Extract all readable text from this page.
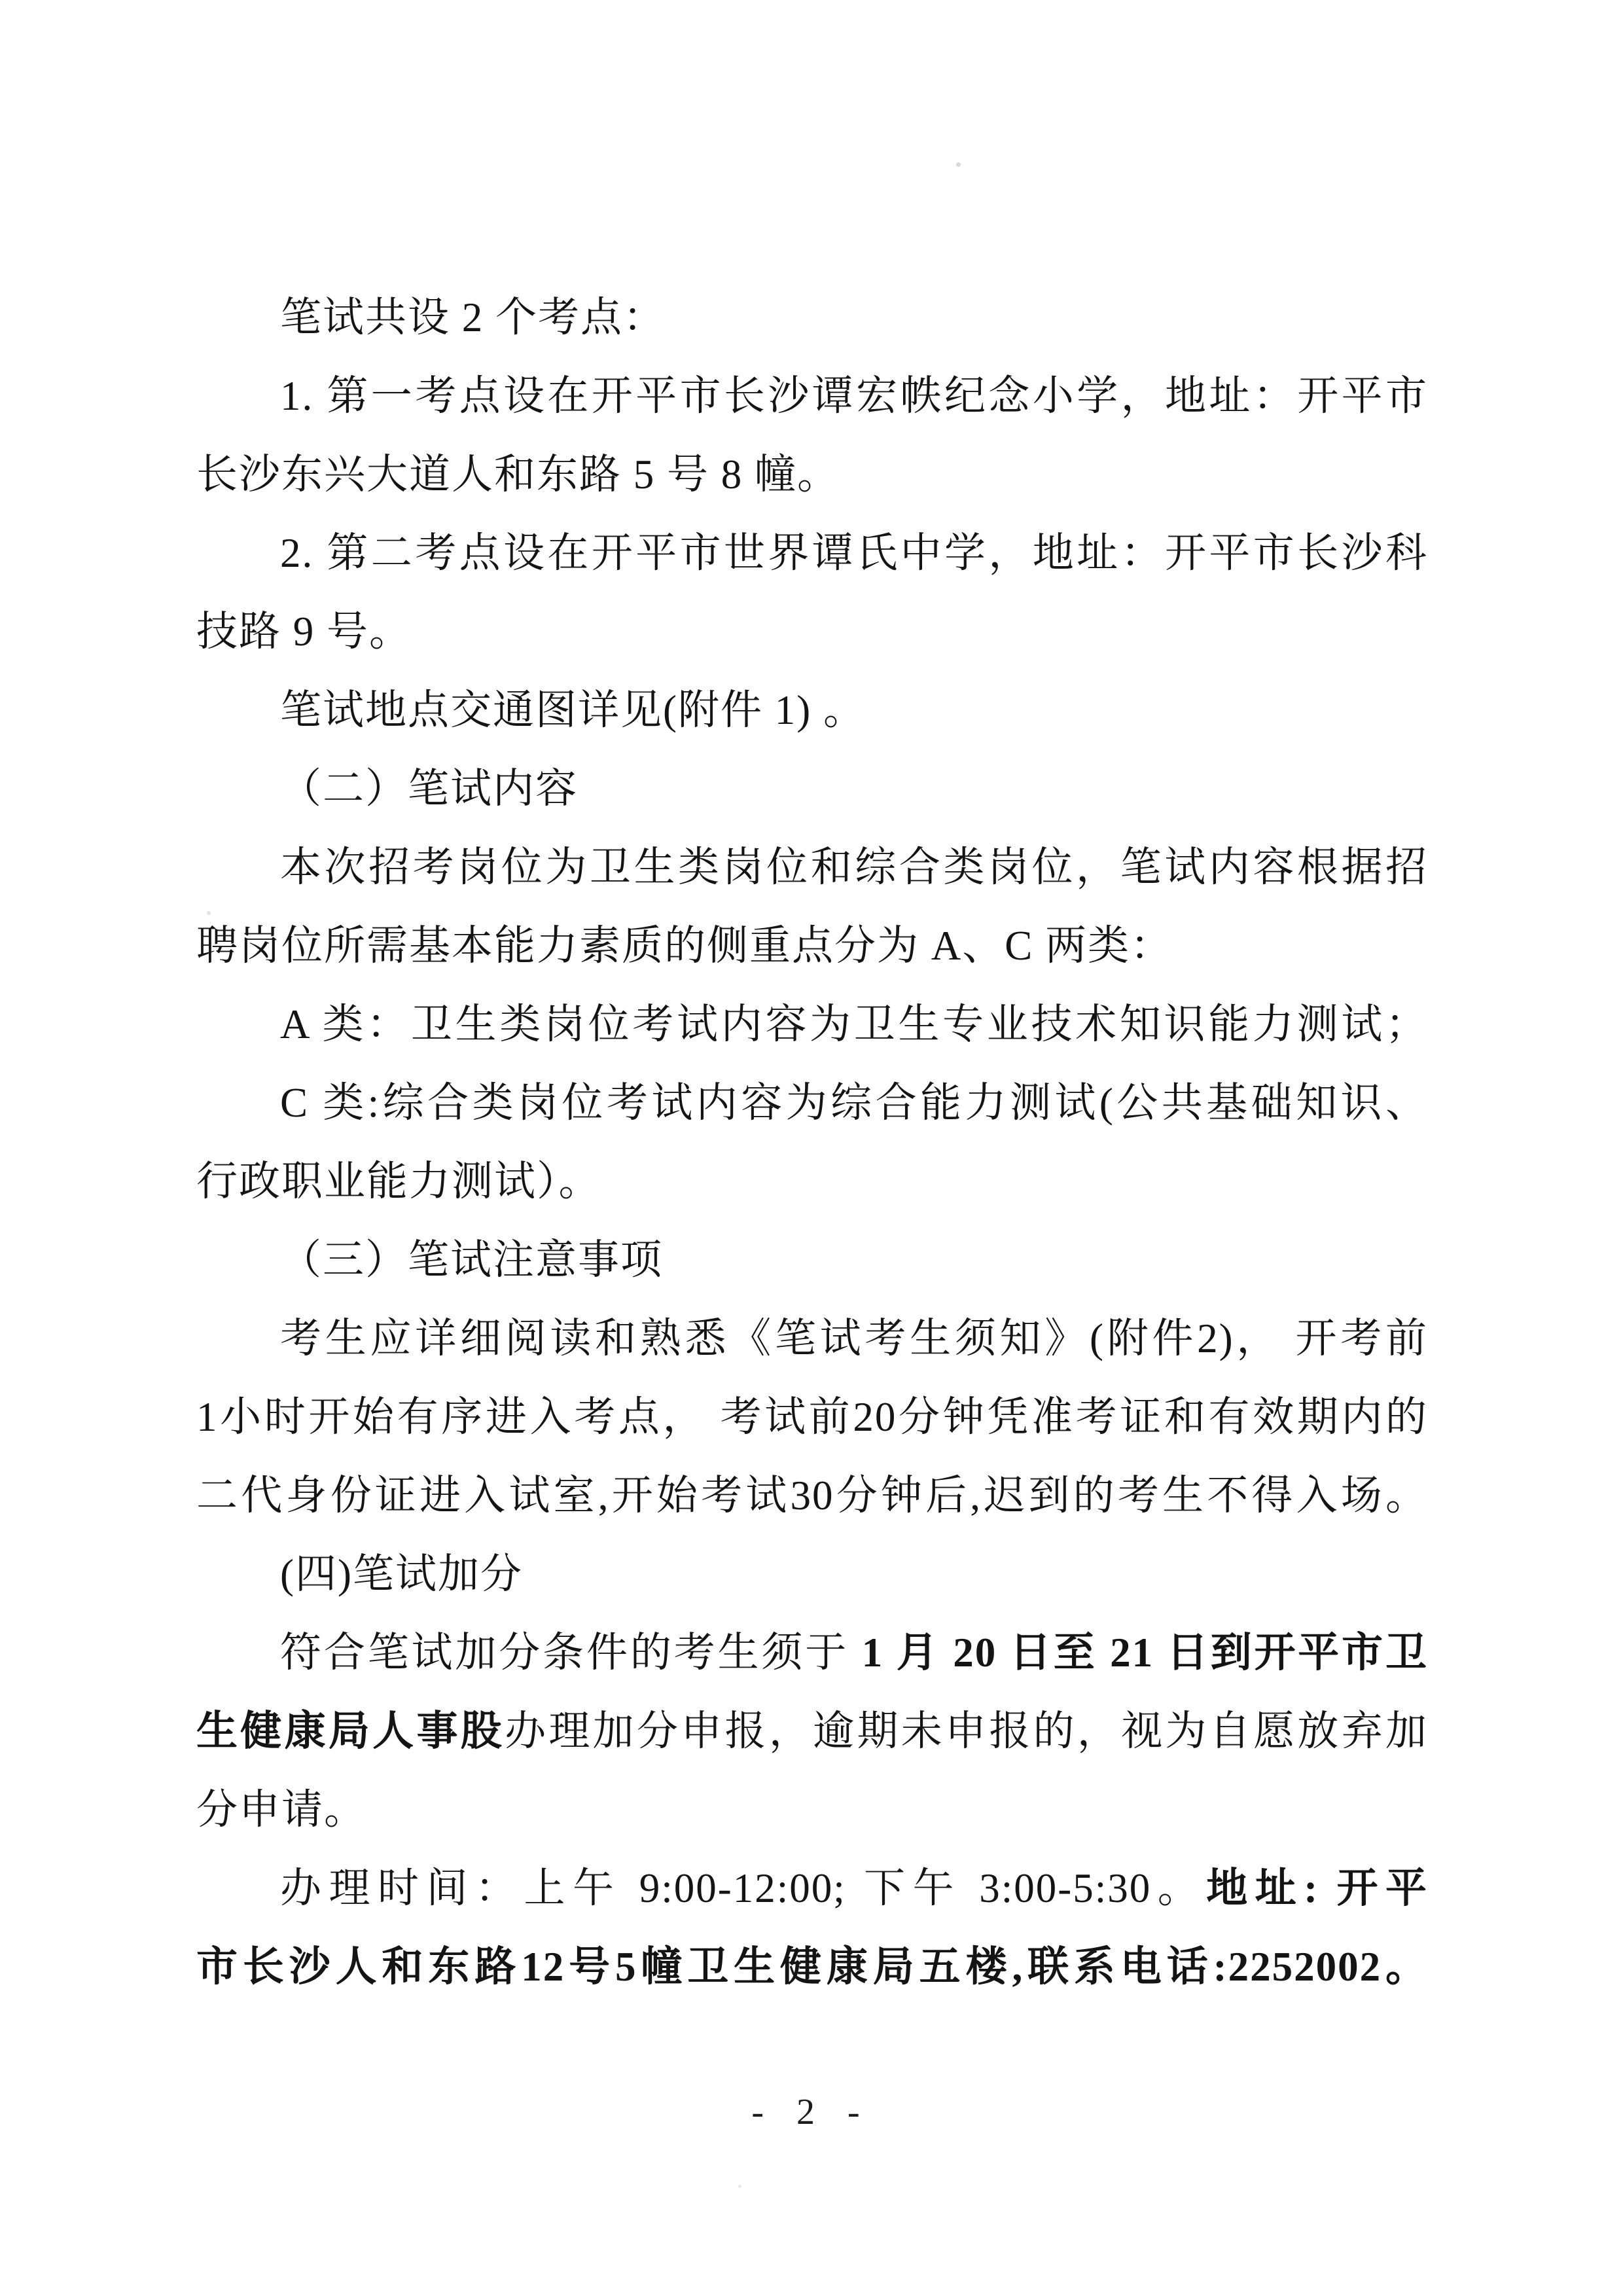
笔试共设 2 个考点：

1. 第一考点设在开平市长沙谭宏帙纪念小学，地址：开平市

长沙东兴大道人和东路 5 号 8 幢。

2. 第二考点设在开平市世界谭氏中学，地址：开平市长沙科

技路 9 号。

笔试地点交通图详见(附件 1) 。

（二）笔试内容

本次招考岗位为卫生类岗位和综合类岗位，笔试内容根据招

聘岗位所需基本能力素质的侧重点分为 A、C 两类：

A 类：卫生类岗位考试内容为卫生专业技术知识能力测试；

C 类:综合类岗位考试内容为综合能力测试(公共基础知识、

行政职业能力测试）。

（三）笔试注意事项

考生应详细阅读和熟悉《笔试考生须知》(附件2)， 开考前

1小时开始有序进入考点， 考试前20分钟凭准考证和有效期内的

二代身份证进入试室,开始考试30分钟后,迟到的考生不得入场。

(四)笔试加分

符合笔试加分条件的考生须于 1 月 20 日至 21 日到开平市卫

生健康局人事股办理加分申报，逾期未申报的，视为自愿放弃加

分申请。

办理时间：上午 9:00-12:00; 下午 3:00-5:30。地址: 开平

市长沙人和东路12号5幢卫生健康局五楼,联系电话:2252002。

- 2 -
